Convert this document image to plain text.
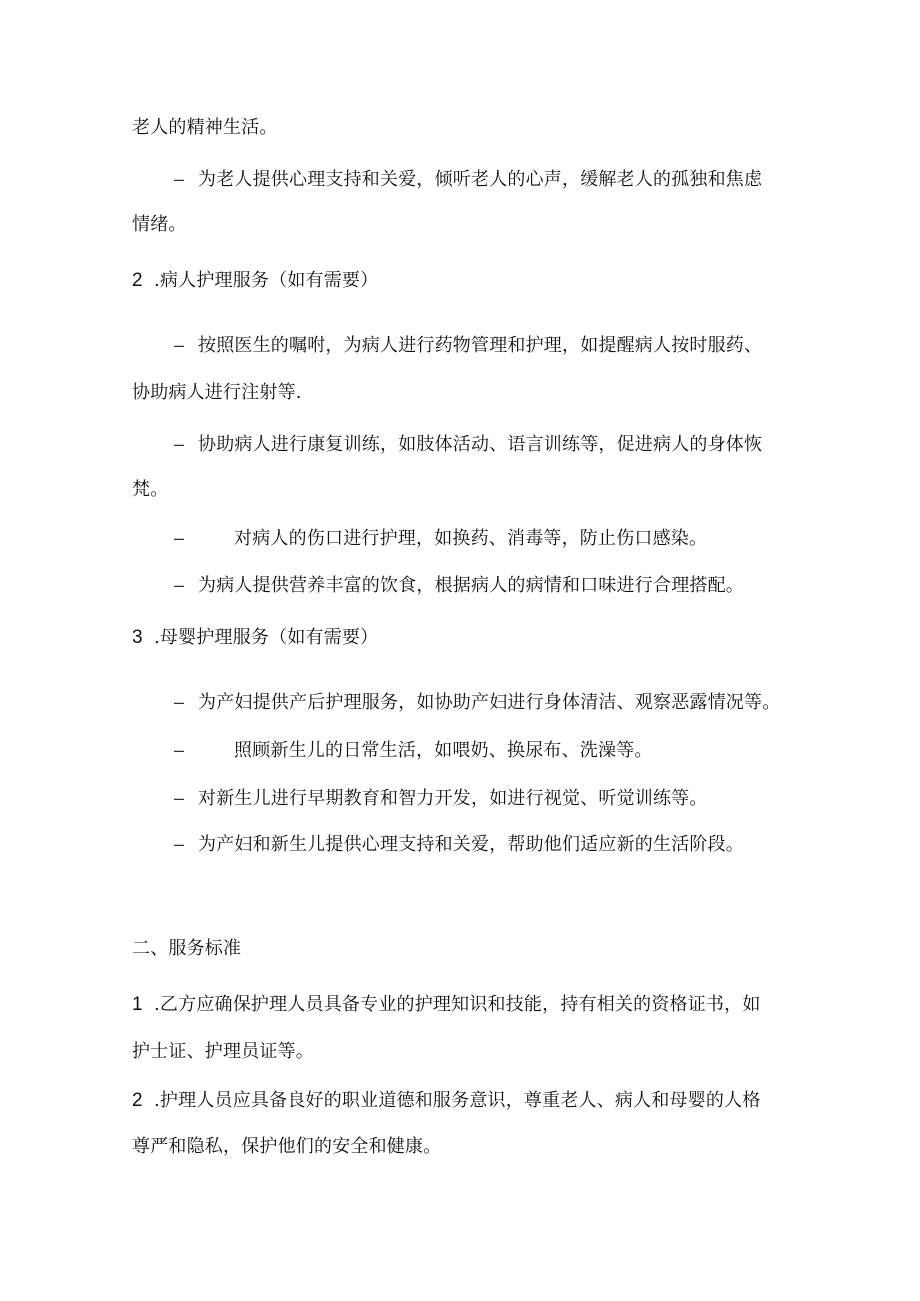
老人的精神生活。
– 为老人提供心理支持和关爱，倾听老人的心声，缓解老人的孤独和焦虑
情绪。
2 .病人护理服务（如有需要）
– 按照医生的嘱咐，为病人进行药物管理和护理，如提醒病人按时服药、
协助病人进行注射等.
– 协助病人进行康复训练，如肢体活动、语言训练等，促进病人的身体恢
梵。
–	对病人的伤口进行护理，如换药、消毒等，防止伤口感染。
– 为病人提供营养丰富的饮食，根据病人的病情和口味进行合理搭配。
3 .母婴护理服务（如有需要）
– 为产妇提供产后护理服务，如协助产妇进行身体清洁、观察恶露情况等。
–	照顾新生儿的日常生活，如喂奶、换尿布、洗澡等。
– 对新生儿进行早期教育和智力开发，如进行视觉、听觉训练等。
– 为产妇和新生儿提供心理支持和关爱，帮助他们适应新的生活阶段。
二、服务标准
1 .乙方应确保护理人员具备专业的护理知识和技能，持有相关的资格证书，如
护士证、护理员证等。
2 .护理人员应具备良好的职业道德和服务意识，尊重老人、病人和母婴的人格
尊严和隐私，保护他们的安全和健康。
